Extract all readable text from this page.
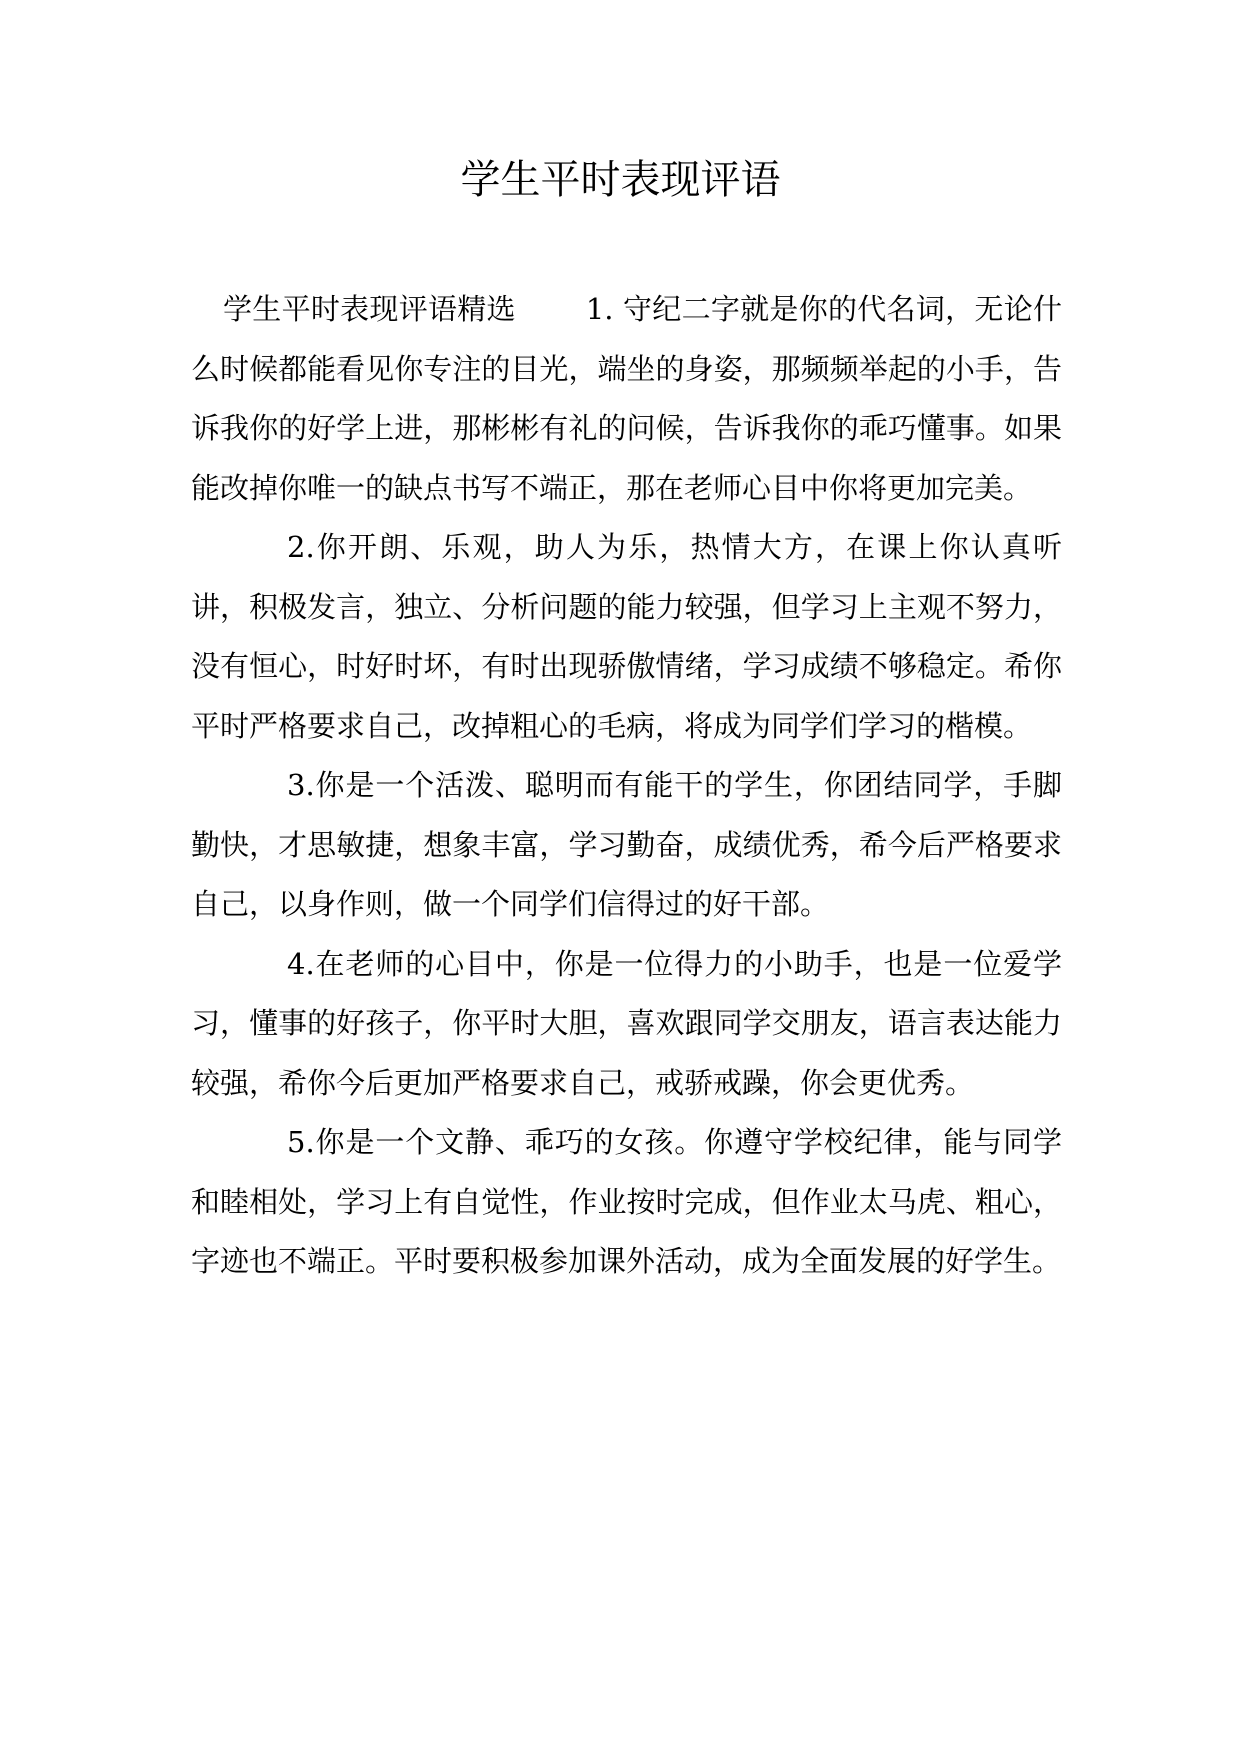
学生平时表现评语

学生平时表现评语精选 1. 守纪二字就是你的代名词，无论什么时候都能看见你专注的目光，端坐的身姿，那频频举起的小手，告诉我你的好学上进，那彬彬有礼的问候，告诉我你的乖巧懂事。如果能改掉你唯一的缺点书写不端正，那在老师心目中你将更加完美。

2.你开朗、乐观，助人为乐，热情大方，在课上你认真听讲，积极发言，独立、分析问题的能力较强，但学习上主观不努力，没有恒心，时好时坏，有时出现骄傲情绪，学习成绩不够稳定。希你平时严格要求自己，改掉粗心的毛病，将成为同学们学习的楷模。

3.你是一个活泼、聪明而有能干的学生，你团结同学，手脚勤快，才思敏捷，想象丰富，学习勤奋，成绩优秀，希今后严格要求自己，以身作则，做一个同学们信得过的好干部。

4.在老师的心目中，你是一位得力的小助手，也是一位爱学习，懂事的好孩子，你平时大胆，喜欢跟同学交朋友，语言表达能力较强，希你今后更加严格要求自己，戒骄戒躁，你会更优秀。

5.你是一个文静、乖巧的女孩。你遵守学校纪律，能与同学和睦相处，学习上有自觉性，作业按时完成，但作业太马虎、粗心，字迹也不端正。平时要积极参加课外活动，成为全面发展的好学生。
